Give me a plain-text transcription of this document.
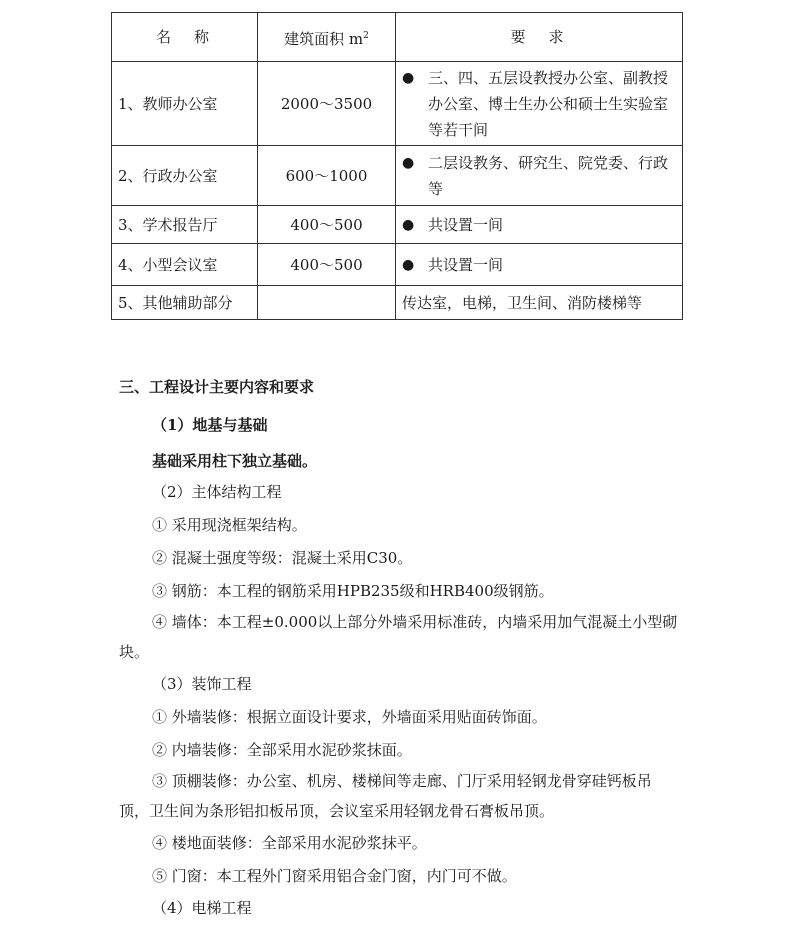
名　称	建筑面积 $m^2$	要　求
1、教师办公室	2000～3500	● 三、四、五层设教授办公室、副教授办公室、博士生办公和硕士生实验室等若干间

2、行政办公室	600～1000	● 二层设教务、研究生、院党委、行政等

3、学术报告厅	400～500	● 共设置一间

4、小型会议室	400～500	● 共设置一间

5、其他辅助部分		传达室，电梯，卫生间、消防楼梯等
三、工程设计主要内容和要求
（1）地基与基础
基础采用柱下独立基础。
（2）主体结构工程
① 采用现浇框架结构。
② 混凝土强度等级：混凝土采用C30。
③ 钢筋：本工程的钢筋采用HPB235级和HRB400级钢筋。
④ 墙体：本工程±0.000以上部分外墙采用标准砖，内墙采用加气混凝土小型砌块。
（3）装饰工程
① 外墙装修：根据立面设计要求，外墙面采用贴面砖饰面。
② 内墙装修：全部采用水泥砂浆抹面。
③ 顶棚装修：办公室、机房、楼梯间等走廊、门厅采用轻钢龙骨穿硅钙板吊顶，卫生间为条形铝扣板吊顶，会议室采用轻钢龙骨石膏板吊顶。
④ 楼地面装修：全部采用水泥砂浆抹平。
⑤ 门窗：本工程外门窗采用铝合金门窗，内门可不做。
（4）电梯工程
